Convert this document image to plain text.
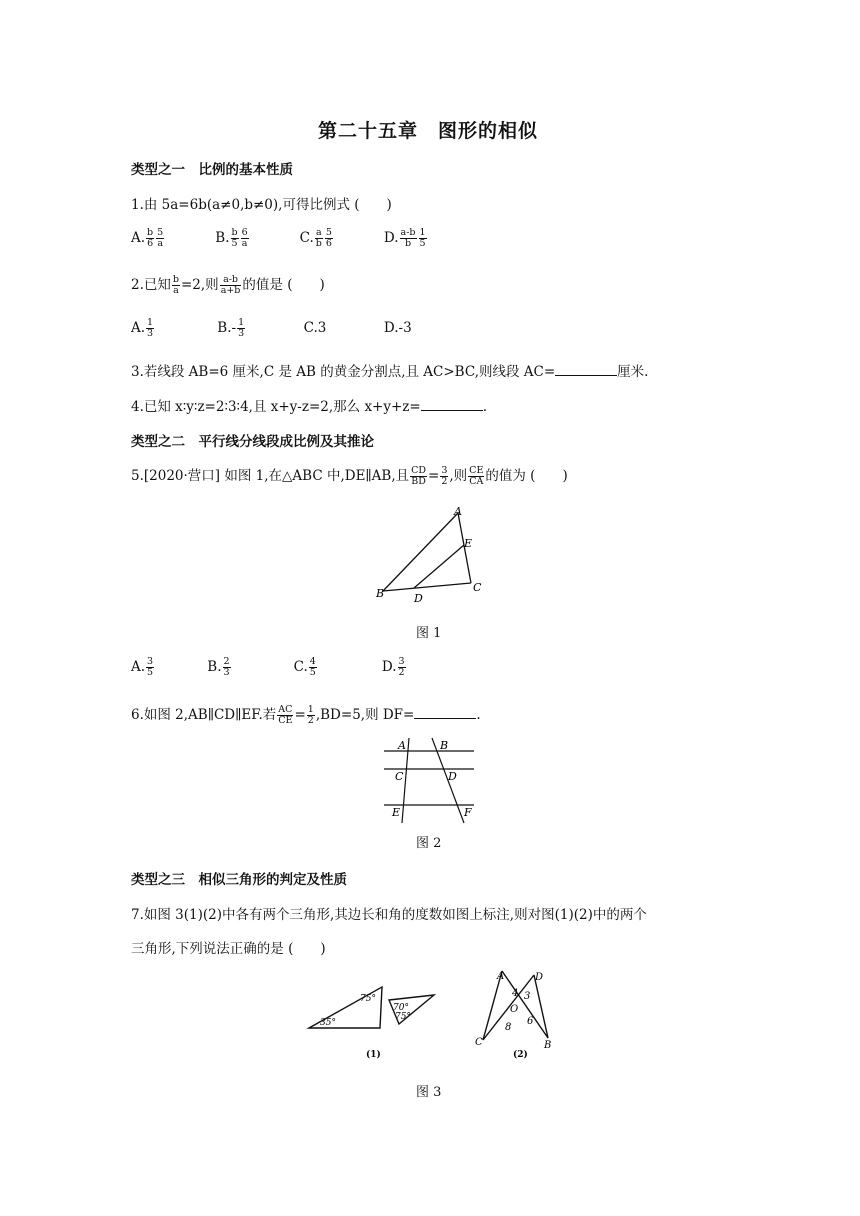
第二十五章　图形的相似
类型之一　比例的基本性质
1.由 5a=6b(a≠0,b≠0),可得比例式 (　　)
A. $\frac{b}{6} \frac{5}{a}$	B. $\frac{b}{5} \frac{6}{a}$	C. $\frac{a}{b} \frac{5}{6}$	D. $\frac{a-b}{b} \frac{1}{5}$
2.已知 $\frac{b}{a} =2$,则 $\frac{a-b}{a+b}$ 的值是 (　　)
A. $\frac{1}{3}$	$B.- \frac{1}{3}$	C.3	D.-3
3.若线段 AB=6 厘米,C 是 AB 的黄金分割点,且 AC>BC,则线段 AC=	厘米.
4.已知 x∶y∶z=2∶3∶4,且 x+y-z=2,那么 x+y+z=	.
类型之二　平行线分线段成比例及其推论
5.[2020·营口] 如图 1,在△ABC 中,DE∥AB,且 $\frac{CD}{BD} = \frac{3}{2}$ ,则 $\frac{CE}{CA}$ 的值为 (　　)
A
E
C
B	D
图 1
A. $\frac{3}{5}$	B. $\frac{2}{3}$	C. $\frac{4}{5}$	D. $\frac{3}{2}$
6.如图 2,AB∥CD∥EF.若 $\frac{AC}{CE} = \frac{1}{2} ,BD=5$,则 DF=	.
A	B
C	D
E	F
图 2
类型之三　相似三角形的判定及性质
7.如图 3(1)(2)中各有两个三角形,其边长和角的度数如图上标注,则对图(1)(2)中的两个
三角形,下列说法正确的是 (　　)
75°
35°
70°
75°
(1)
A	D
O
C	B
4 3
6
8
(2)
图 3
